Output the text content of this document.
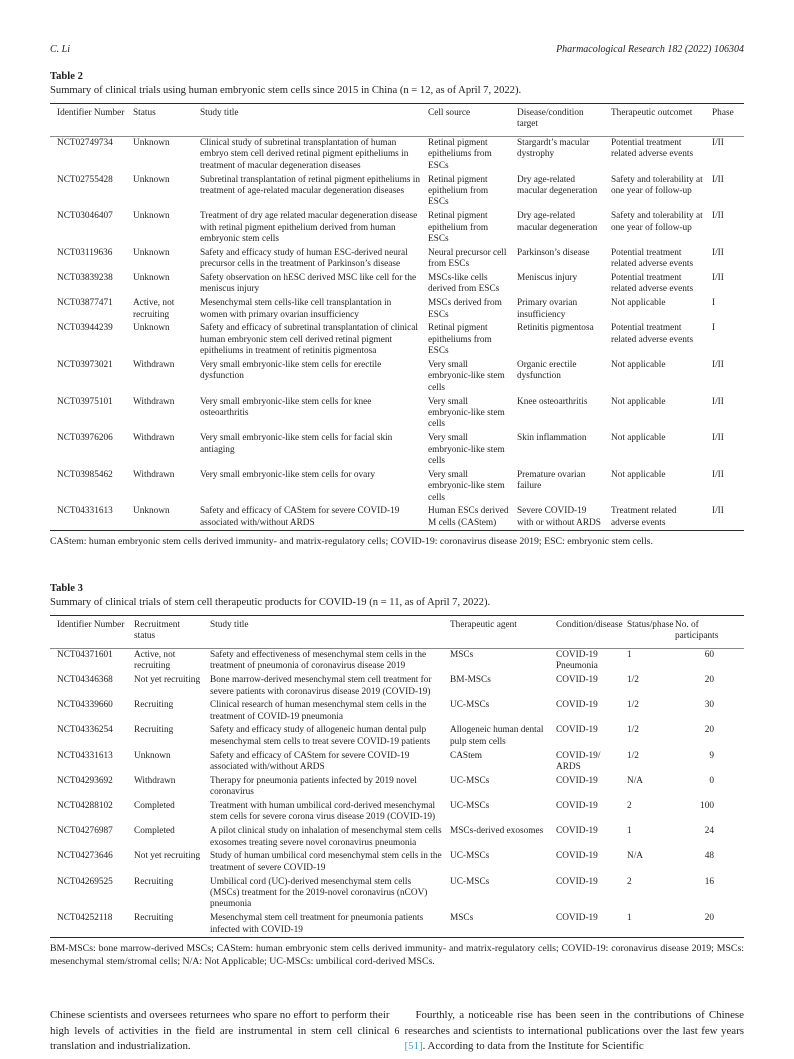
C. Li	Pharmacological Research 182 (2022) 106304

Table 2

Summary of clinical trials using human embryonic stem cells since 2015 in China (n = 12, as of April 7, 2022).

Identifier Number	Status	Study title	Cell source	Disease/condition target	Therapeutic outcomet	Phase
NCT02749734	Unknown	Clinical study of subretinal transplantation of human embryo stem cell derived retinal pigment epitheliums in treatment of macular degeneration diseases	Retinal pigment epitheliums from ESCs	Stargardt’s macular dystrophy	Potential treatment related adverse events	I/II
NCT02755428	Unknown	Subretinal transplantation of retinal pigment epitheliums in treatment of age-related macular degeneration diseases	Retinal pigment epithelium from ESCs	Dry age-related macular degeneration	Safety and tolerability at one year of follow-up	I/II
NCT03046407	Unknown	Treatment of dry age related macular degeneration disease with retinal pigment epithelium derived from human embryonic stem cells	Retinal pigment epithelium from ESCs	Dry age-related macular degeneration	Safety and tolerability at one year of follow-up	I/II
NCT03119636	Unknown	Safety and efficacy study of human ESC-derived neural precursor cells in the treatment of Parkinson’s disease	Neural precursor cell from ESCs	Parkinson’s disease	Potential treatment related adverse events	I/II
NCT03839238	Unknown	Safety observation on hESC derived MSC like cell for the meniscus injury	MSCs-like cells derived from ESCs	Meniscus injury	Potential treatment related adverse events	I/II
NCT03877471	Active, not recruiting	Mesenchymal stem cells-like cell transplantation in women with primary ovarian insufficiency	MSCs derived from ESCs	Primary ovarian insufficiency	Not applicable	I
NCT03944239	Unknown	Safety and efficacy of subretinal transplantation of clinical human embryonic stem cell derived retinal pigment epitheliums in treatment of retinitis pigmentosa	Retinal pigment epitheliums from ESCs	Retinitis pigmentosa	Potential treatment related adverse events	I
NCT03973021	Withdrawn	Very small embryonic-like stem cells for erectile dysfunction	Very small embryonic-like stem cells	Organic erectile dysfunction	Not applicable	I/II
NCT03975101	Withdrawn	Very small embryonic-like stem cells for knee osteoarthritis	Very small embryonic-like stem cells	Knee osteoarthritis	Not applicable	I/II
NCT03976206	Withdrawn	Very small embryonic-like stem cells for facial skin antiaging	Very small embryonic-like stem cells	Skin inflammation	Not applicable	I/II
NCT03985462	Withdrawn	Very small embryonic-like stem cells for ovary	Very small embryonic-like stem cells	Premature ovarian failure	Not applicable	I/II
NCT04331613	Unknown	Safety and efficacy of CAStem for severe COVID-19 associated with/without ARDS	Human ESCs derived M cells (CAStem)	Severe COVID-19 with or without ARDS	Treatment related adverse events	I/II

CAStem: human embryonic stem cells derived immunity- and matrix-regulatory cells; COVID-19: coronavirus disease 2019; ESC: embryonic stem cells.

Table 3

Summary of clinical trials of stem cell therapeutic products for COVID-19 (n = 11, as of April 7, 2022).

Identifier Number	Recruitment status	Study title	Therapeutic agent	Condition/disease	Status/phase	No. of participants
NCT04371601	Active, not recruiting	Safety and effectiveness of mesenchymal stem cells in the treatment of pneumonia of coronavirus disease 2019	MSCs	COVID-19 Pneumonia	1	60
NCT04346368	Not yet recruiting	Bone marrow-derived mesenchymal stem cell treatment for severe patients with coronavirus disease 2019 (COVID-19)	BM-MSCs	COVID-19	1/2	20
NCT04339660	Recruiting	Clinical research of human mesenchymal stem cells in the treatment of COVID-19 pneumonia	UC-MSCs	COVID-19	1/2	30
NCT04336254	Recruiting	Safety and efficacy study of allogeneic human dental pulp mesenchymal stem cells to treat severe COVID-19 patients	Allogeneic human dental pulp stem cells	COVID-19	1/2	20
NCT04331613	Unknown	Safety and efficacy of CAStem for severe COVID-19 associated with/without ARDS	CAStem	COVID-19/ ARDS	1/2	9
NCT04293692	Withdrawn	Therapy for pneumonia patients infected by 2019 novel coronavirus	UC-MSCs	COVID-19	N/A	0
NCT04288102	Completed	Treatment with human umbilical cord-derived mesenchymal stem cells for severe corona virus disease 2019 (COVID-19)	UC-MSCs	COVID-19	2	100
NCT04276987	Completed	A pilot clinical study on inhalation of mesenchymal stem cells exosomes treating severe novel coronavirus pneumonia	MSCs-derived exosomes	COVID-19	1	24
NCT04273646	Not yet recruiting	Study of human umbilical cord mesenchymal stem cells in the treatment of severe COVID-19	UC-MSCs	COVID-19	N/A	48
NCT04269525	Recruiting	Umbilical cord (UC)-derived mesenchymal stem cells (MSCs) treatment for the 2019-novel coronavirus (nCOV) pneumonia	UC-MSCs	COVID-19	2	16
NCT04252118	Recruiting	Mesenchymal stem cell treatment for pneumonia patients infected with COVID-19	MSCs	COVID-19	1	20

BM-MSCs: bone marrow-derived MSCs; CAStem: human embryonic stem cells derived immunity- and matrix-regulatory cells; COVID-19: coronavirus disease 2019; MSCs: mesenchymal stem/stromal cells; N/A: Not Applicable; UC-MSCs: umbilical cord-derived MSCs.

Chinese scientists and oversees returnees who spare no effort to perform their high levels of activities in the field are instrumental in stem cell clinical translation and industrialization.

Fourthly, a noticeable rise has been seen in the contributions of Chinese researches and scientists to international publications over the last few years [51]. According to data from the Institute for Scientific

6
